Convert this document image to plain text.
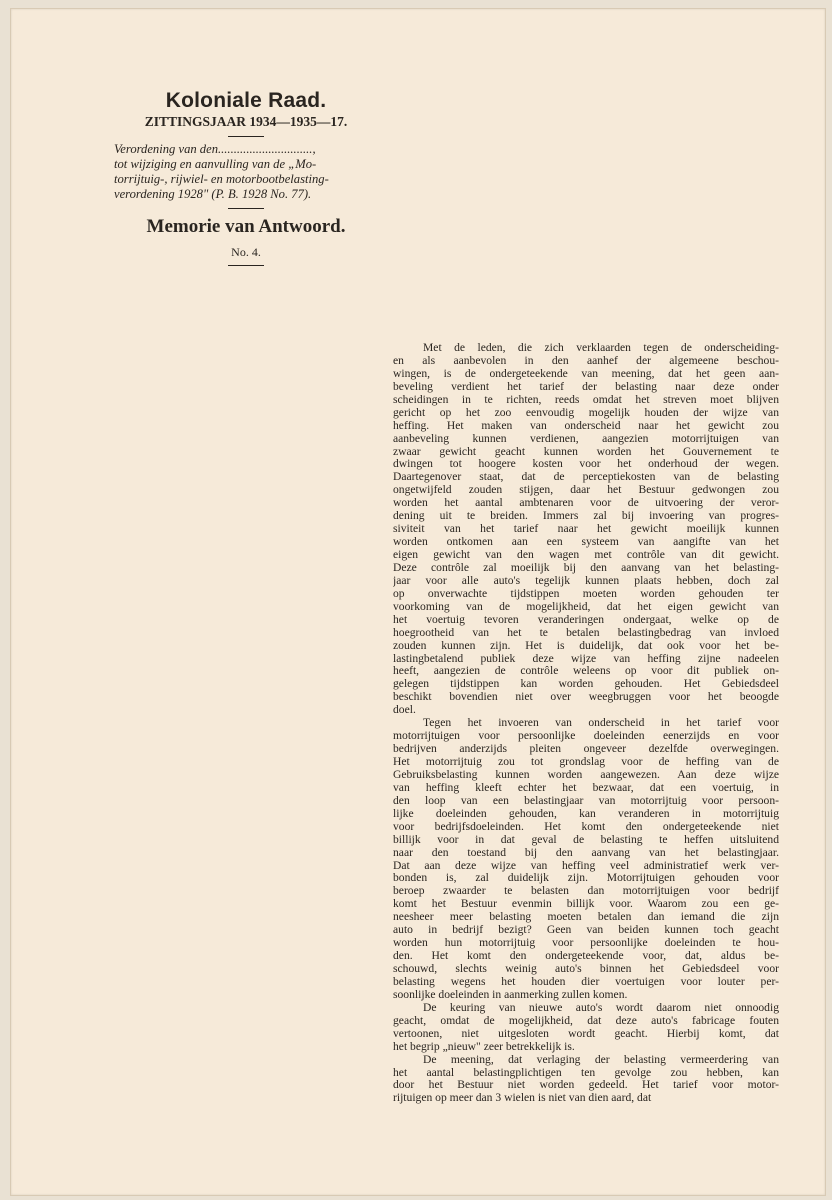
Koloniale Raad.

ZITTINGSJAAR 1934—1935—17.

Verordening van den..............................,
tot wijziging en aanvulling van de „Mo-
torrijtuig-, rijwiel- en motorbootbelasting-
verordening 1928" (P. B. 1928 No. 77).

Memorie van Antwoord.

No. 4.

Met de leden, die zich verklaarden tegen de onderscheiding-
en als aanbevolen in den aanhef der algemeene beschou-
wingen, is de ondergeteekende van meening, dat het geen aan-
beveling verdient het tarief der belasting naar deze onder
scheidingen in te richten, reeds omdat het streven moet blijven
gericht op het zoo eenvoudig mogelijk houden der wijze van
heffing. Het maken van onderscheid naar het gewicht zou
aanbeveling kunnen verdienen, aangezien motorrijtuigen van
zwaar gewicht geacht kunnen worden het Gouvernement te
dwingen tot hoogere kosten voor het onderhoud der wegen.
Daartegenover staat, dat de perceptiekosten van de belasting
ongetwijfeld zouden stijgen, daar het Bestuur gedwongen zou
worden het aantal ambtenaren voor de uitvoering der veror-
dening uit te breiden. Immers zal bij invoering van progres-
siviteit van het tarief naar het gewicht moeilijk kunnen
worden ontkomen aan een systeem van aangifte van het
eigen gewicht van den wagen met contrôle van dit gewicht.
Deze contrôle zal moeilijk bij den aanvang van het belasting-
jaar voor alle auto's tegelijk kunnen plaats hebben, doch zal
op onverwachte tijdstippen moeten worden gehouden ter
voorkoming van de mogelijkheid, dat het eigen gewicht van
het voertuig tevoren veranderingen ondergaat, welke op de
hoegrootheid van het te betalen belastingbedrag van invloed
zouden kunnen zijn. Het is duidelijk, dat ook voor het be-
lastingbetalend publiek deze wijze van heffing zijne nadeelen
heeft, aangezien de contrôle weleens op voor dit publiek on-
gelegen tijdstippen kan worden gehouden. Het Gebiedsdeel
beschikt bovendien niet over weegbruggen voor het beoogde
doel.
Tegen het invoeren van onderscheid in het tarief voor
motorrijtuigen voor persoonlijke doeleinden eenerzijds en voor
bedrijven anderzijds pleiten ongeveer dezelfde overwegingen.
Het motorrijtuig zou tot grondslag voor de heffing van de
Gebruiksbelasting kunnen worden aangewezen. Aan deze wijze
van heffing kleeft echter het bezwaar, dat een voertuig, in
den loop van een belastingjaar van motorrijtuig voor persoon-
lijke doeleinden gehouden, kan veranderen in motorrijtuig
voor bedrijfsdoeleinden. Het komt den ondergeteekende niet
billijk voor in dat geval de belasting te heffen uitsluitend
naar den toestand bij den aanvang van het belastingjaar.
Dat aan deze wijze van heffing veel administratief werk ver-
bonden is, zal duidelijk zijn. Motorrijtuigen gehouden voor
beroep zwaarder te belasten dan motorrijtuigen voor bedrijf
komt het Bestuur evenmin billijk voor. Waarom zou een ge-
neesheer meer belasting moeten betalen dan iemand die zijn
auto in bedrijf bezigt? Geen van beiden kunnen toch geacht
worden hun motorrijtuig voor persoonlijke doeleinden te hou-
den. Het komt den ondergeteekende voor, dat, aldus be-
schouwd, slechts weinig auto's binnen het Gebiedsdeel voor
belasting wegens het houden dier voertuigen voor louter per-
soonlijke doeleinden in aanmerking zullen komen.
De keuring van nieuwe auto's wordt daarom niet onnoodig
geacht, omdat de mogelijkheid, dat deze auto's fabricage fouten
vertoonen, niet uitgesloten wordt geacht. Hierbij komt, dat
het begrip „nieuw" zeer betrekkelijk is.
De meening, dat verlaging der belasting vermeerdering van
het aantal belastingplichtigen ten gevolge zou hebben, kan
door het Bestuur niet worden gedeeld. Het tarief voor motor-
rijtuigen op meer dan 3 wielen is niet van dien aard, dat
